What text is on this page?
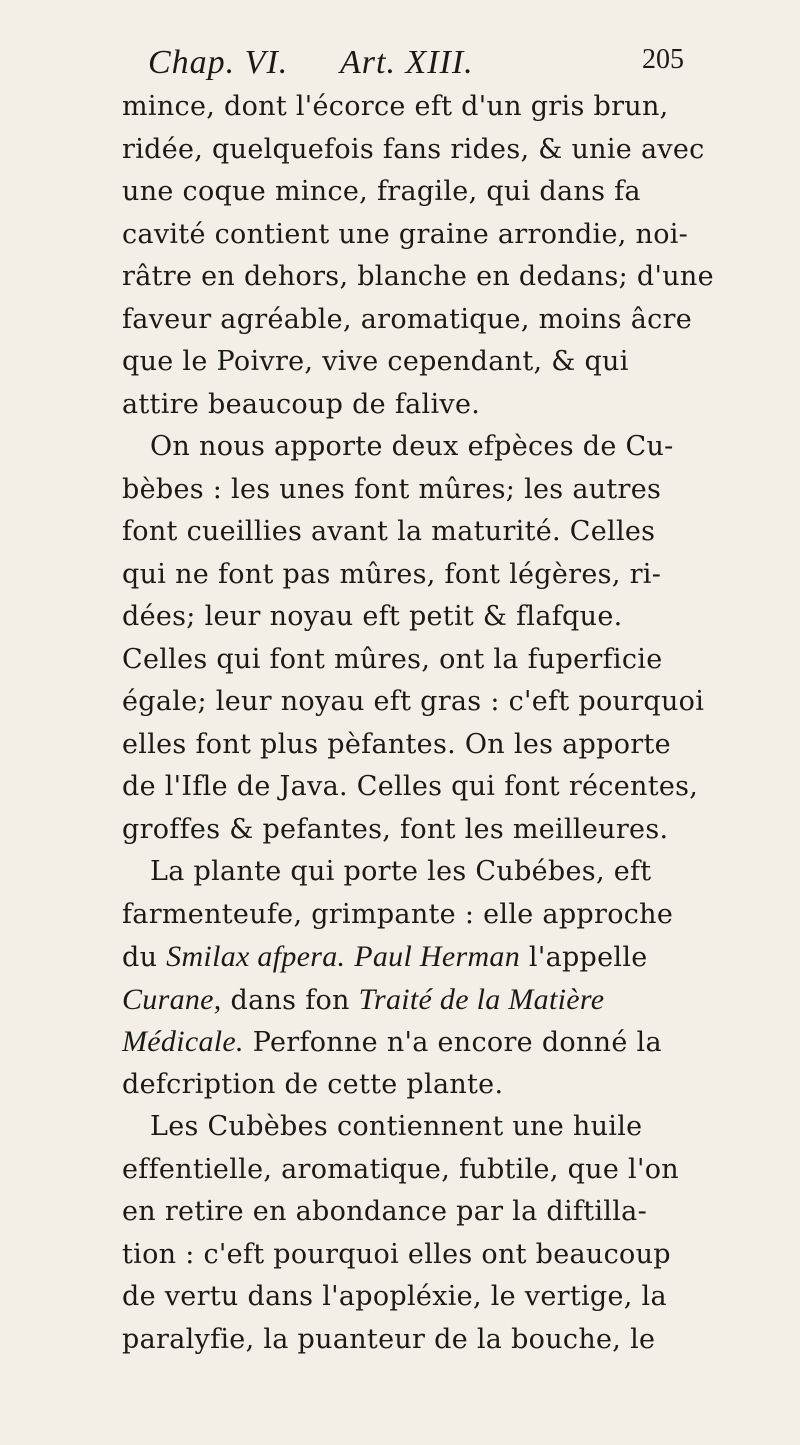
Chap. VI. Art. XIII.	205
mince, dont l'écorce eft d'un gris brun,
ridée, quelquefois fans rides, & unie avec
une coque mince, fragile, qui dans fa
cavité contient une graine arrondie, noi-
râtre en dehors, blanche en dedans; d'une
faveur agréable, aromatique, moins âcre
que le Poivre, vive cependant, & qui
attire beaucoup de falive.
On nous apporte deux efpèces de Cu-
bèbes : les unes font mûres; les autres
font cueillies avant la maturité. Celles
qui ne font pas mûres, font légères, ri-
dées; leur noyau eft petit & flafque.
Celles qui font mûres, ont la fuperficie
égale; leur noyau eft gras : c'eft pourquoi
elles font plus pèfantes. On les apporte
de l'Ifle de Java. Celles qui font récentes,
groffes & pefantes, font les meilleures.
La plante qui porte les Cubébes, eft
farmenteufe, grimpante : elle approche
du Smilax afpera. Paul Herman l'appelle
Curane, dans fon Traité de la Matière
Médicale. Perfonne n'a encore donné la
defcription de cette plante.
Les Cubèbes contiennent une huile
effentielle, aromatique, fubtile, que l'on
en retire en abondance par la diftilla-
tion : c'eft pourquoi elles ont beaucoup
de vertu dans l'apopléxie, le vertige, la
paralyfie, la puanteur de la bouche, le
